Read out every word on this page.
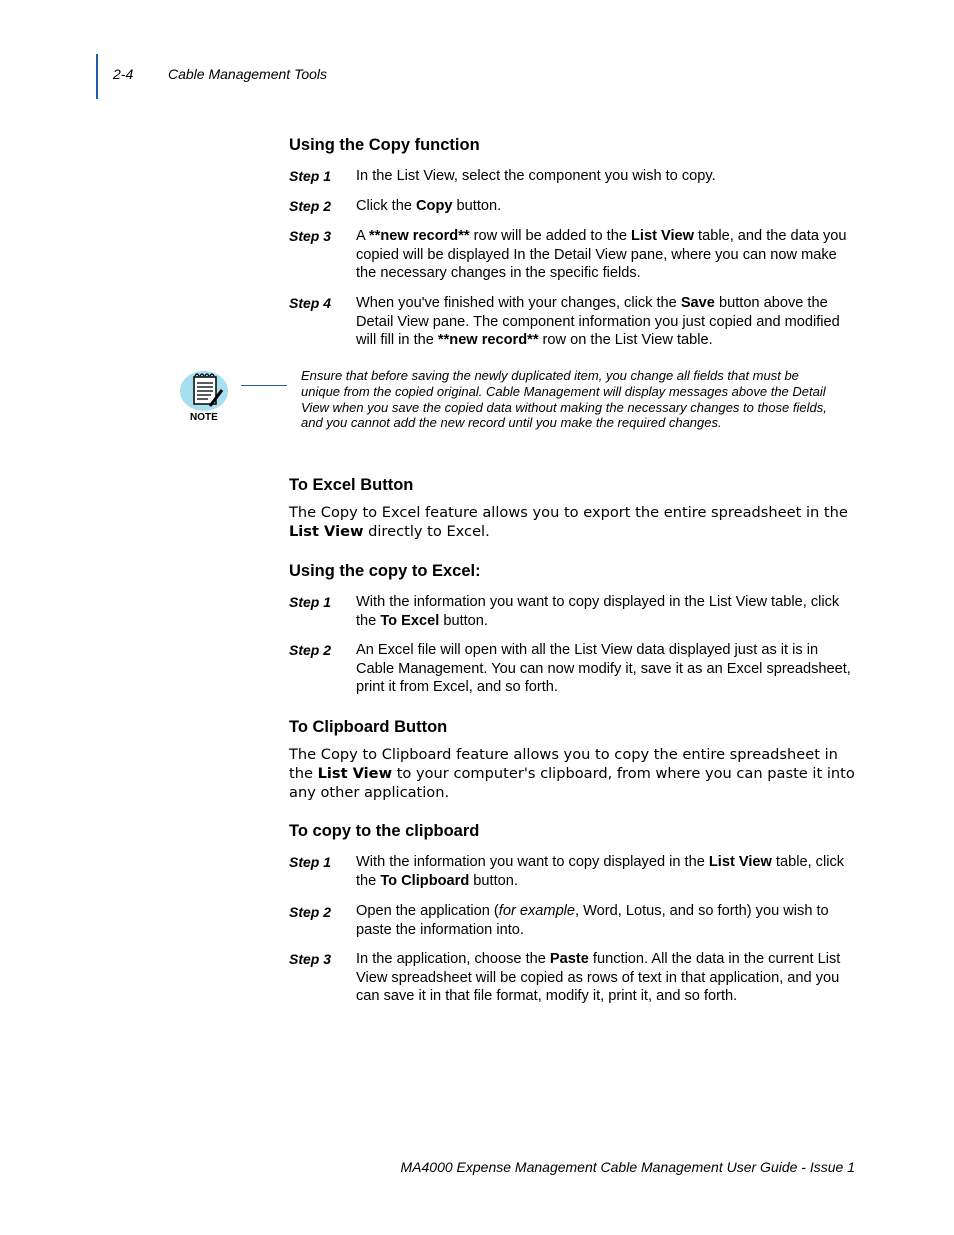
2-4 Cable Management Tools
Using the Copy function
Step 1 In the List View, select the component you wish to copy.
Step 2 Click the Copy button.
Step 3 A **new record** row will be added to the List View table, and the data you copied will be displayed In the Detail View pane, where you can now make the necessary changes in the specific fields.
Step 4 When you've finished with your changes, click the Save button above the Detail View pane. The component information you just copied and modified will fill in the **new record** row on the List View table.
NOTE
Ensure that before saving the newly duplicated item, you change all fields that must be unique from the copied original. Cable Management will display messages above the Detail View when you save the copied data without making the necessary changes to those fields, and you cannot add the new record until you make the required changes.
To Excel Button
The Copy to Excel feature allows you to export the entire spreadsheet in the List View directly to Excel.
Using the copy to Excel:
Step 1 With the information you want to copy displayed in the List View table, click the To Excel button.
Step 2 An Excel file will open with all the List View data displayed just as it is in Cable Management. You can now modify it, save it as an Excel spreadsheet, print it from Excel, and so forth.
To Clipboard Button
The Copy to Clipboard feature allows you to copy the entire spreadsheet in the List View to your computer's clipboard, from where you can paste it into any other application.
To copy to the clipboard
Step 1 With the information you want to copy displayed in the List View table, click the To Clipboard button.
Step 2 Open the application (for example, Word, Lotus, and so forth) you wish to paste the information into.
Step 3 In the application, choose the Paste function. All the data in the current List View spreadsheet will be copied as rows of text in that application, and you can save it in that file format, modify it, print it, and so forth.
MA4000 Expense Management Cable Management User Guide - Issue 1
